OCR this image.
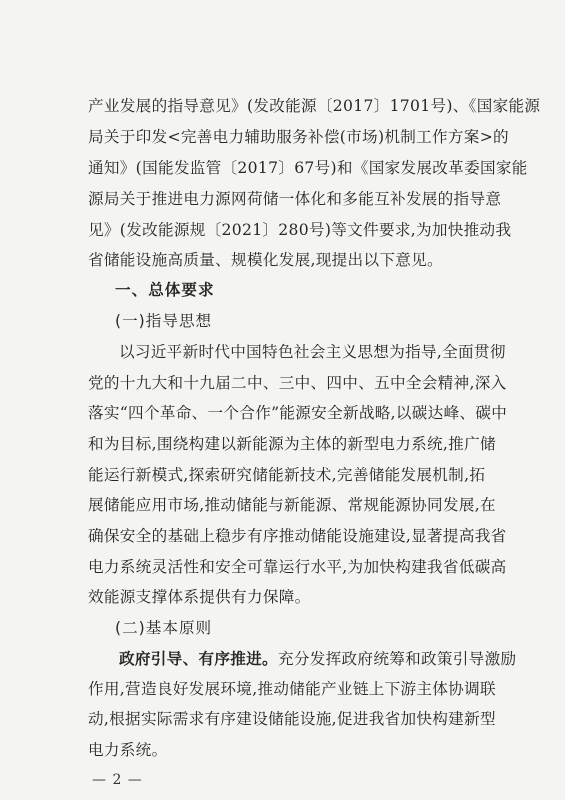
产业发展的指导意见》(发改能源〔2017〕1701号)、《国家能源
局关于印发<完善电力辅助服务补偿(市场)机制工作方案>的
通知》(国能发监管〔2017〕67号)和《国家发展改革委国家能
源局关于推进电力源网荷储一体化和多能互补发展的指导意
见》(发改能源规〔2021〕280号)等文件要求,为加快推动我
省储能设施高质量、规模化发展,现提出以下意见。
一、总体要求
(一)指导思想
以习近平新时代中国特色社会主义思想为指导,全面贯彻
党的十九大和十九届二中、三中、四中、五中全会精神,深入
落实“四个革命、一个合作”能源安全新战略,以碳达峰、碳中
和为目标,围绕构建以新能源为主体的新型电力系统,推广储
能运行新模式,探索研究储能新技术,完善储能发展机制,拓
展储能应用市场,推动储能与新能源、常规能源协同发展,在
确保安全的基础上稳步有序推动储能设施建设,显著提高我省
电力系统灵活性和安全可靠运行水平,为加快构建我省低碳高
效能源支撑体系提供有力保障。
(二)基本原则
政府引导、有序推进。充分发挥政府统筹和政策引导激励
作用,营造良好发展环境,推动储能产业链上下游主体协调联
动,根据实际需求有序建设储能设施,促进我省加快构建新型
电力系统。
— 2 —
